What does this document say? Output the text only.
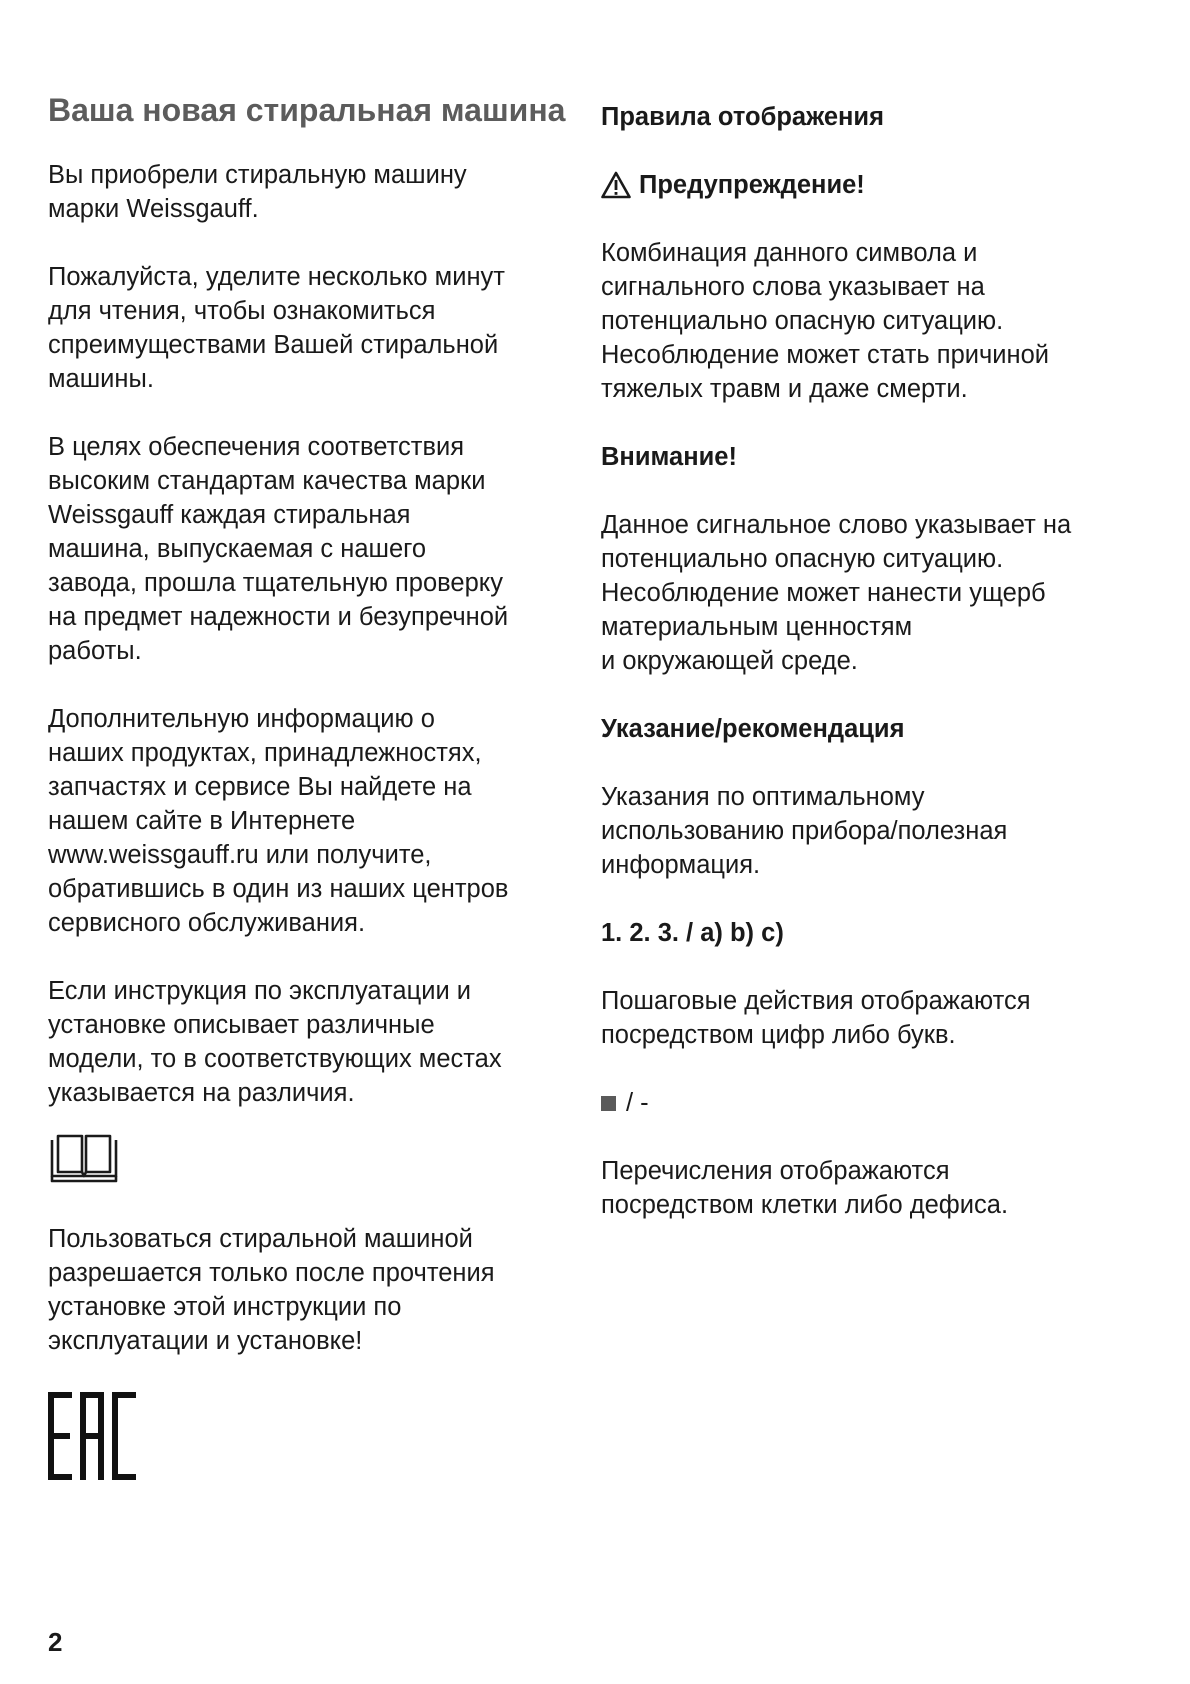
Ваша новая стиральная машина

Вы приобрели стиральную машину
марки Weissgauff.

Пожалуйста, уделите несколько минут
для чтения, чтобы ознакомиться
спреимуществами Вашей стиральной
машины.

В целях обеспечения соответствия
высоким стандартам качества марки
Weissgauff каждая стиральная
машина, выпускаемая с нашего
завода, прошла тщательную проверку
на предмет надежности и безупречной
работы.

Дополнительную информацию о
наших продуктах, принадлежностях,
запчастях и сервисе Вы найдете на
нашем сайте в Интернете
www.weissgauff.ru или получите,
обратившись в один из наших центров
сервисного обслуживания.

Если инструкция по эксплуатации и
установке описывает различные
модели, то в соответствующих местах
указывается на различия.

Пользоваться стиральной машиной
разрешается только после прочтения
установке этой инструкции по
эксплуатации и установке!

Правила отображения
Предупреждение!

Комбинация данного символа и
сигнального слова указывает на
потенциально опасную ситуацию.
Несоблюдение может стать причиной
тяжелых травм и даже смерти.

Внимание!

Данное сигнальное слово указывает на
потенциально опасную ситуацию.
Несоблюдение может нанести ущерб
материальным ценностям
и окружающей среде.

Указание/рекомендация

Указания по оптимальному
использованию прибора/полезная
информация.

1. 2. 3. / a) b) c)

Пошаговые действия отображаются
посредством цифр либо букв.

/ -

Перечисления отображаются
посредством клетки либо дефиса.

2
